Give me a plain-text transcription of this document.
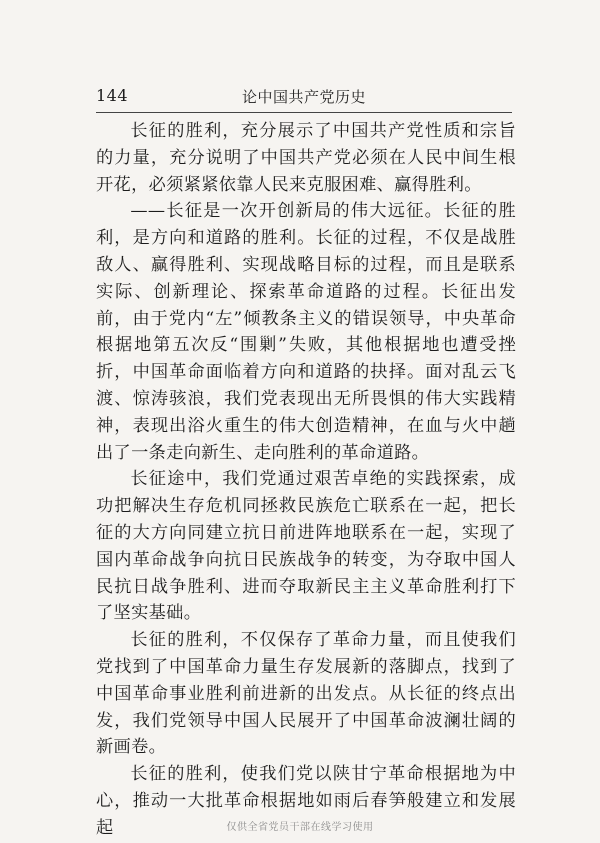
144	论中国共产党历史

长征的胜利，充分展示了中国共产党性质和宗旨的力量，充分说明了中国共产党必须在人民中间生根开花，必须紧紧依靠人民来克服困难、赢得胜利。

——长征是一次开创新局的伟大远征。长征的胜利，是方向和道路的胜利。长征的过程，不仅是战胜敌人、赢得胜利、实现战略目标的过程，而且是联系实际、创新理论、探索革命道路的过程。长征出发前，由于党内“左”倾教条主义的错误领导，中央革命根据地第五次反“围剿”失败，其他根据地也遭受挫折，中国革命面临着方向和道路的抉择。面对乱云飞渡、惊涛骇浪，我们党表现出无所畏惧的伟大实践精神，表现出浴火重生的伟大创造精神，在血与火中趟出了一条走向新生、走向胜利的革命道路。

长征途中，我们党通过艰苦卓绝的实践探索，成功把解决生存危机同拯救民族危亡联系在一起，把长征的大方向同建立抗日前进阵地联系在一起，实现了国内革命战争向抗日民族战争的转变，为夺取中国人民抗日战争胜利、进而夺取新民主主义革命胜利打下了坚实基础。

长征的胜利，不仅保存了革命力量，而且使我们党找到了中国革命力量生存发展新的落脚点，找到了中国革命事业胜利前进新的出发点。从长征的终点出发，我们党领导中国人民展开了中国革命波澜壮阔的新画卷。

长征的胜利，使我们党以陕甘宁革命根据地为中心，推动一大批革命根据地如雨后春笋般建立和发展起	仅供全省党员干部在线学习使用
